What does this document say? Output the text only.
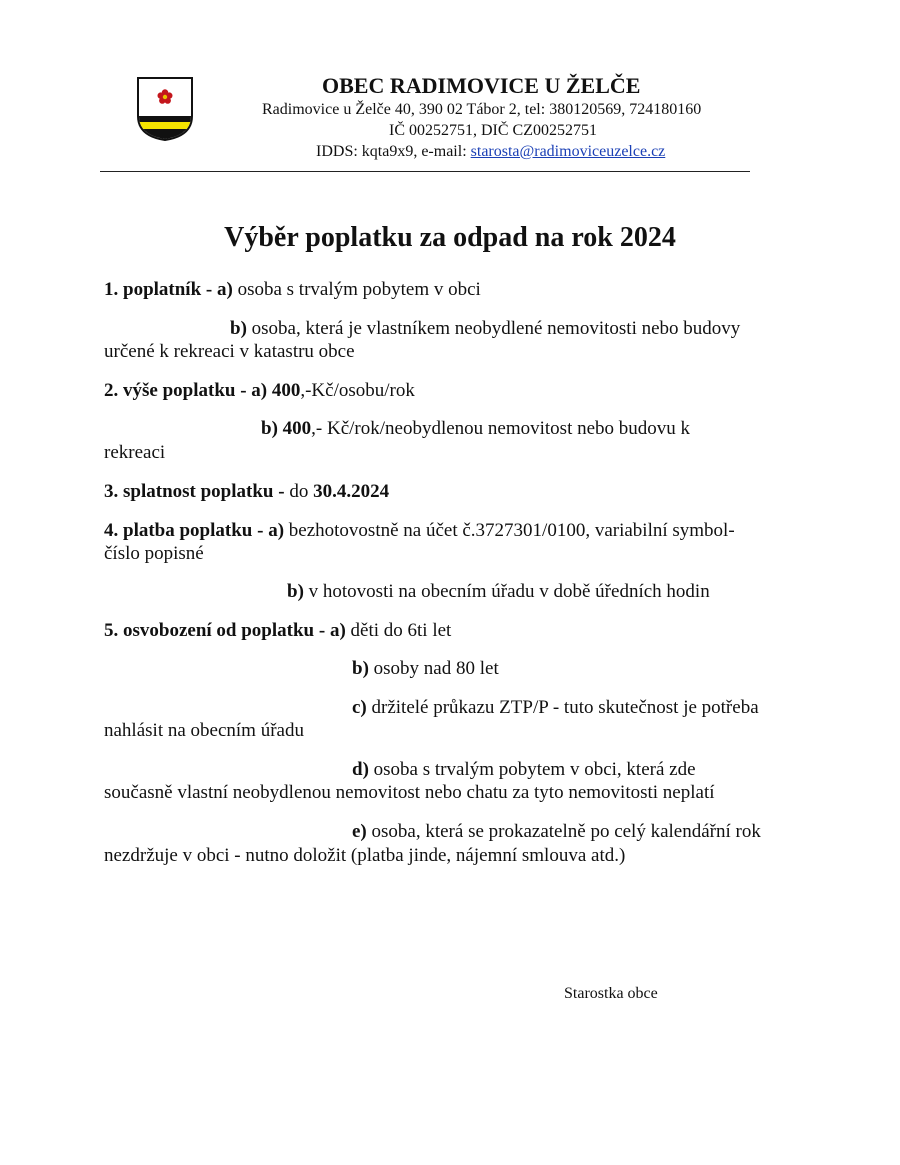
OBEC RADIMOVICE U ŽELČE
Radimovice u Želče 40, 390 02 Tábor 2, tel: 380120569, 724180160
IČ 00252751, DIČ CZ00252751
IDDS: kqta9x9, e-mail: starosta@radimoviceuzelce.cz
Výběr poplatku za odpad na rok 2024
1. poplatník - a) osoba s trvalým pobytem v obci
b) osoba, která je vlastníkem neobydlené nemovitosti nebo budovy
určené k rekreaci v katastru obce
2. výše poplatku - a) 400,-Kč/osobu/rok
b) 400,- Kč/rok/neobydlenou nemovitost nebo budovu k
rekreaci
3. splatnost poplatku - do 30.4.2024
4. platba poplatku - a) bezhotovostně na účet č.3727301/0100, variabilní symbol-
číslo popisné
b) v hotovosti na obecním úřadu v době úředních hodin
5. osvobození od poplatku - a) děti do 6ti let
b) osoby nad 80 let
c) držitelé průkazu ZTP/P - tuto skutečnost je potřeba
nahlásit na obecním úřadu
d) osoba s trvalým pobytem v obci, která zde
současně vlastní neobydlenou nemovitost nebo chatu za tyto nemovitosti neplatí
e) osoba, která se prokazatelně po celý kalendářní rok
nezdržuje v obci - nutno doložit (platba jinde, nájemní smlouva atd.)
Starostka obce
